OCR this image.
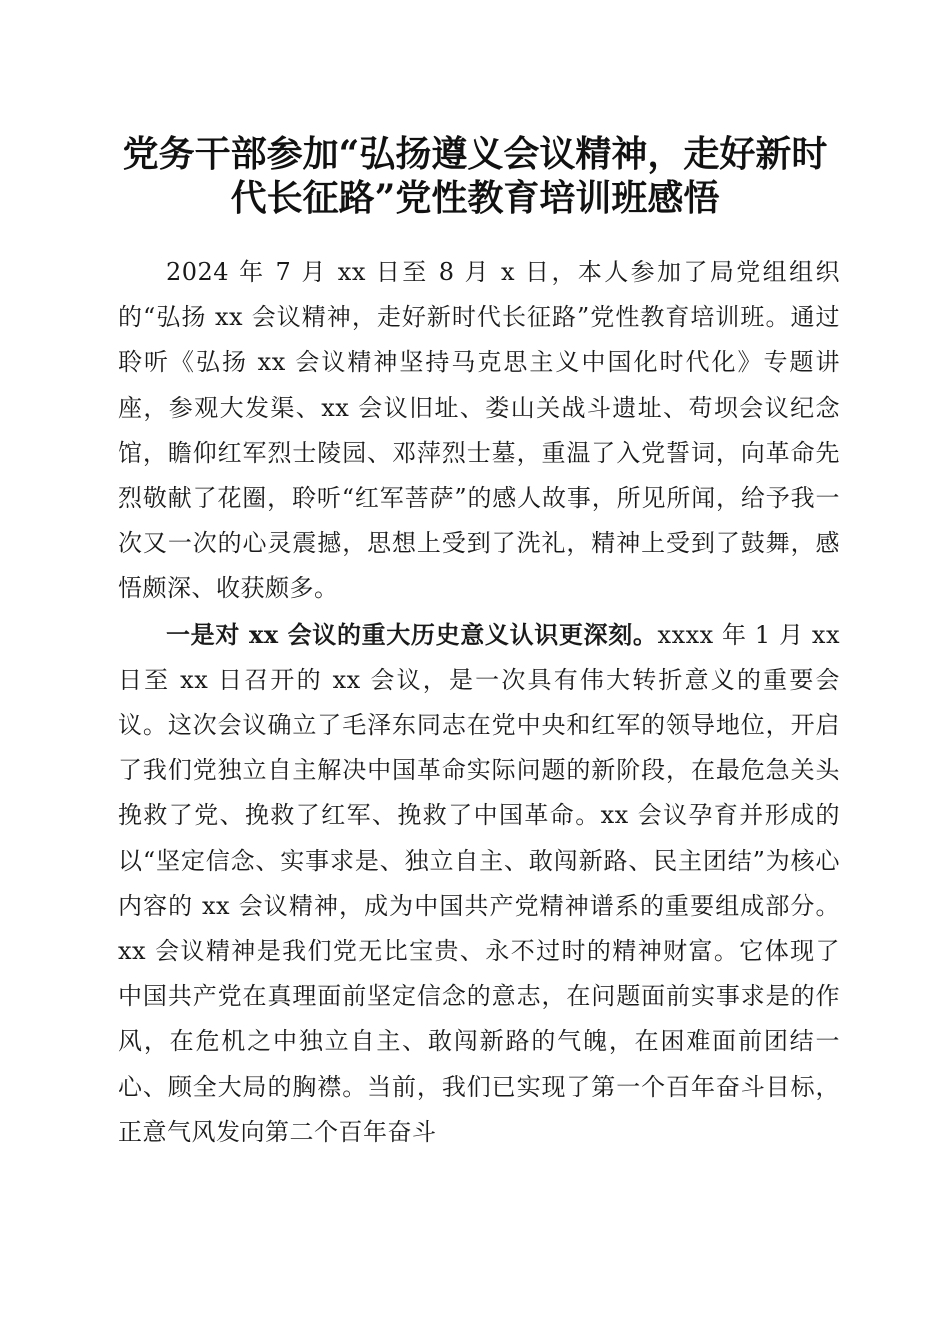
党务干部参加“弘扬遵义会议精神，走好新时
代长征路”党性教育培训班感悟

2024 年 7 月 xx 日至 8 月 x 日，本人参加了局党组组织的“弘扬 xx 会议精神，走好新时代长征路”党性教育培训班。通过聆听《弘扬 xx 会议精神坚持马克思主义中国化时代化》专题讲座，参观大发渠、xx 会议旧址、娄山关战斗遗址、苟坝会议纪念馆，瞻仰红军烈士陵园、邓萍烈士墓，重温了入党誓词，向革命先烈敬献了花圈，聆听“红军菩萨”的感人故事，所见所闻，给予我一次又一次的心灵震撼，思想上受到了洗礼，精神上受到了鼓舞，感悟颇深、收获颇多。

一是对 xx 会议的重大历史意义认识更深刻。xxxx 年 1 月 xx 日至 xx 日召开的 xx 会议，是一次具有伟大转折意义的重要会议。这次会议确立了毛泽东同志在党中央和红军的领导地位，开启了我们党独立自主解决中国革命实际问题的新阶段，在最危急关头挽救了党、挽救了红军、挽救了中国革命。xx 会议孕育并形成的以“坚定信念、实事求是、独立自主、敢闯新路、民主团结”为核心内容的 xx 会议精神，成为中国共产党精神谱系的重要组成部分。xx 会议精神是我们党无比宝贵、永不过时的精神财富。它体现了中国共产党在真理面前坚定信念的意志，在问题面前实事求是的作风，在危机之中独立自主、敢闯新路的气魄，在困难面前团结一心、顾全大局的胸襟。当前，我们已实现了第一个百年奋斗目标，正意气风发向第二个百年奋斗
